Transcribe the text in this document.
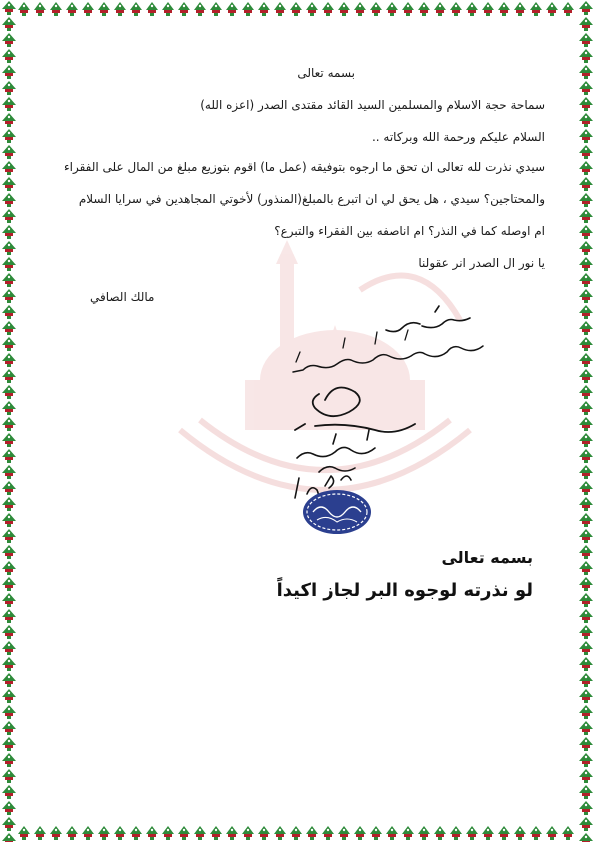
بسمه تعالى
سماحة حجة الاسلام والمسلمين السيد القائد مقتدى الصدر (اعزه الله)
السلام عليكم ورحمة الله وبركاته ..
سيدي نذرت لله تعالى ان تحق ما ارجوه بتوفيقه (عمل ما) اقوم بتوزيع مبلغ من المال على الفقراء
والمحتاجين؟ سيدي ، هل يحق لي ان اتبرع بالمبلغ(المنذور) لأخوتي المجاهدين في سرايا السلام
ام اوصله كما في النذر؟ ام اناصفه بين الفقراء والتبرع؟
يا نور ال الصدر انر عقولنا
مالك الصافي
بسمه تعالى
لو نذرته لوجوه البر لجاز اكيداً
